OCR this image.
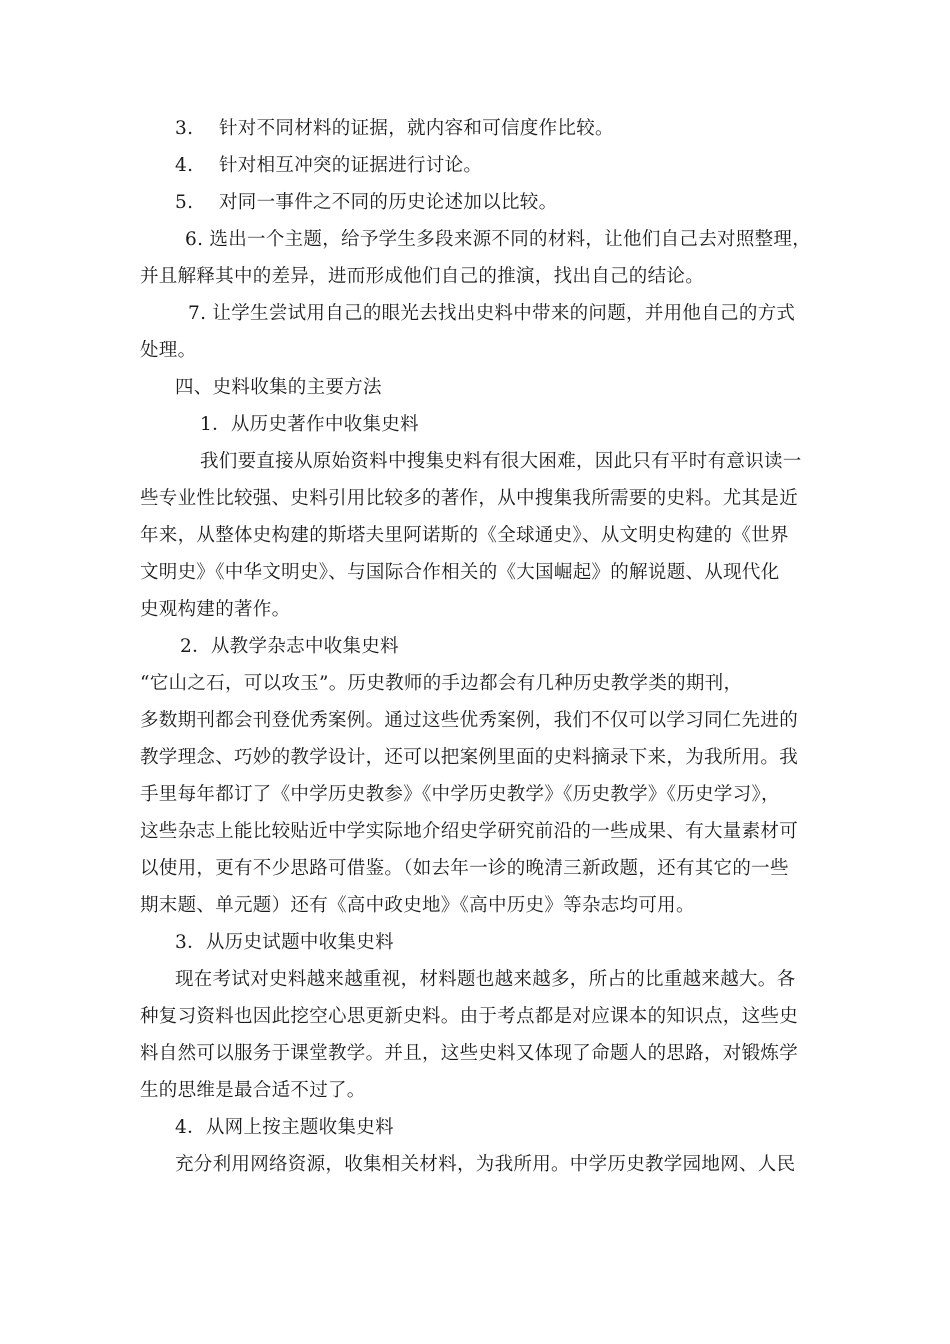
3. 针对不同材料的证据，就内容和可信度作比较。
4. 针对相互冲突的证据进行讨论。
5. 对同一事件之不同的历史论述加以比较。
6. 选出一个主题，给予学生多段来源不同的材料，让他们自己去对照整理，
并且解释其中的差异，进而形成他们自己的推演，找出自己的结论。
7. 让学生尝试用自己的眼光去找出史料中带来的问题，并用他自己的方式
处理。
四、史料收集的主要方法
1．从历史著作中收集史料
我们要直接从原始资料中搜集史料有很大困难，因此只有平时有意识读一
些专业性比较强、史料引用比较多的著作，从中搜集我所需要的史料。尤其是近
年来，从整体史构建的斯塔夫里阿诺斯的《全球通史》、从文明史构建的《世界
文明史》《中华文明史》、与国际合作相关的《大国崛起》的解说题、从现代化
史观构建的著作。
2．从教学杂志中收集史料
“它山之石，可以攻玉”。历史教师的手边都会有几种历史教学类的期刊，
多数期刊都会刊登优秀案例。通过这些优秀案例，我们不仅可以学习同仁先进的
教学理念、巧妙的教学设计，还可以把案例里面的史料摘录下来，为我所用。我
手里每年都订了《中学历史教参》《中学历史教学》《历史教学》《历史学习》，
这些杂志上能比较贴近中学实际地介绍史学研究前沿的一些成果、有大量素材可
以使用，更有不少思路可借鉴。（如去年一诊的晚清三新政题，还有其它的一些
期末题、单元题）还有《高中政史地》《高中历史》等杂志均可用。
3．从历史试题中收集史料
现在考试对史料越来越重视，材料题也越来越多，所占的比重越来越大。各
种复习资料也因此挖空心思更新史料。由于考点都是对应课本的知识点，这些史
料自然可以服务于课堂教学。并且，这些史料又体现了命题人的思路，对锻炼学
生的思维是最合适不过了。
4．从网上按主题收集史料
充分利用网络资源，收集相关材料，为我所用。中学历史教学园地网、人民
